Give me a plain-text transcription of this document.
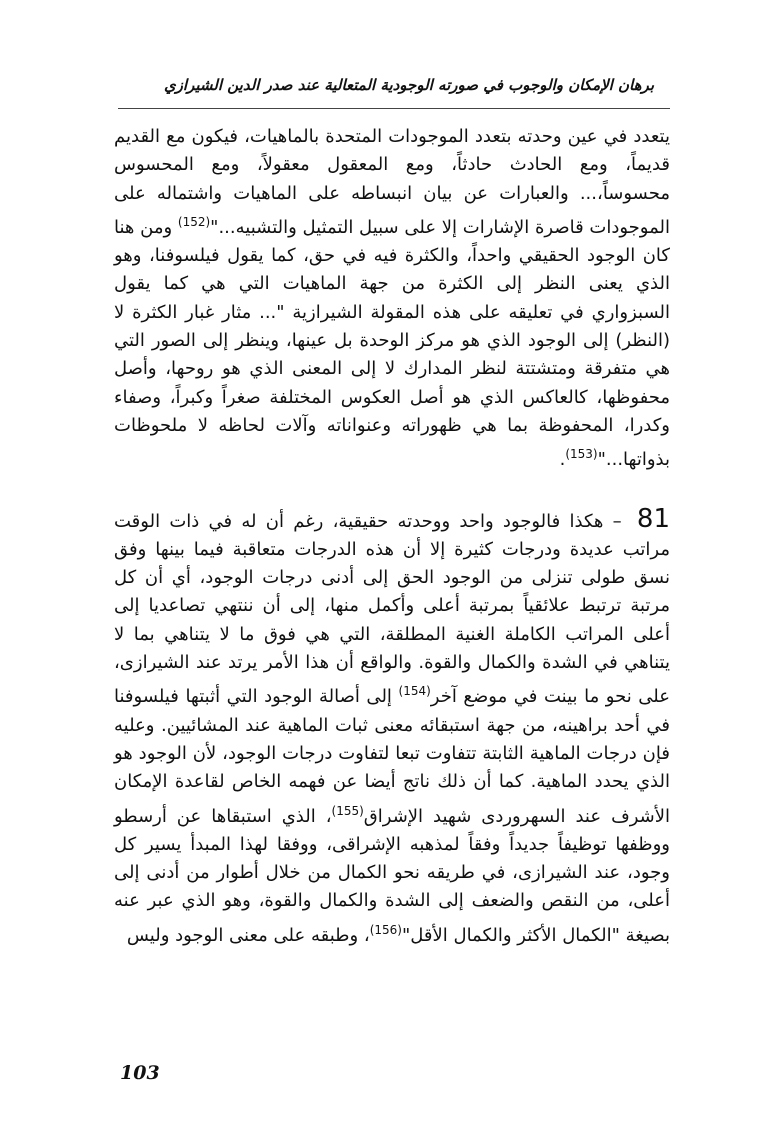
برهان الإمكان والوجوب في صورته الوجودية المتعالية عند صدر الدين الشيرازي

يتعدد في عين وحدته بتعدد الموجودات المتحدة بالماهيات، فيكون مع القديم قديماً، ومع الحادث حادثاً، ومع المعقول معقولاً، ومع المحسوس محسوساً،... والعبارات عن بيان انبساطه على الماهيات واشتماله على الموجودات قاصرة الإشارات إلا على سبيل التمثيل والتشبيه..."$^{(152)}$ ومن هنا كان الوجود الحقيقي واحداً، والكثرة فيه في حق، كما يقول فيلسوفنا، وهو الذي يعنى النظر إلى الكثرة من جهة الماهيات التي هي كما يقول السبزواري في تعليقه على هذه المقولة الشيرازية "... مثار غبار الكثرة لا (النظر) إلى الوجود الذي هو مركز الوحدة بل عينها، وينظر إلى الصور التي هي متفرقة ومتشتتة لنظر المدارك لا إلى المعنى الذي هو روحها، وأصل محفوظها، كالعاكس الذي هو أصل العكوس المختلفة صغراً وكبراً، وصفاء وكدرا، المحفوظة بما هي ظهوراته وعنواناته وآلات لحاظه لا ملحوظات بذواتها..."$^{(153)}$.

81 – هكذا فالوجود واحد ووحدته حقيقية، رغم أن له في ذات الوقت مراتب عديدة ودرجات كثيرة إلا أن هذه الدرجات متعاقبة فيما بينها وفق نسق طولى تنزلى من الوجود الحق إلى أدنى درجات الوجود، أي أن كل مرتبة ترتبط علائقياً بمرتبة أعلى وأكمل منها، إلى أن ننتهي تصاعديا إلى أعلى المراتب الكاملة الغنية المطلقة، التي هي فوق ما لا يتناهي بما لا يتناهي في الشدة والكمال والقوة. والواقع أن هذا الأمر يرتد عند الشيرازى، على نحو ما بينت في موضع آخر$^{(154)}$ إلى أصالة الوجود التي أثبتها فيلسوفنا في أحد براهينه، من جهة استبقائه معنى ثبات الماهية عند المشائيين. وعليه فإن درجات الماهية الثابتة تتفاوت تبعا لتفاوت درجات الوجود، لأن الوجود هو الذي يحدد الماهية. كما أن ذلك ناتج أيضا عن فهمه الخاص لقاعدة الإمكان الأشرف عند السهروردى شهيد الإشراق$^{(155)}$، الذي استبقاها عن أرسطو ووظفها توظيفاً جديداً وفقاً لمذهبه الإشراقى، ووفقا لهذا المبدأ يسير كل وجود، عند الشيرازى، في طريقه نحو الكمال من خلال أطوار من أدنى إلى أعلى، من النقص والضعف إلى الشدة والكمال والقوة، وهو الذي عبر عنه بصيغة "الكمال الأكثر والكمال الأقل"$^{(156)}$، وطبقه على معنى الوجود وليس

103
